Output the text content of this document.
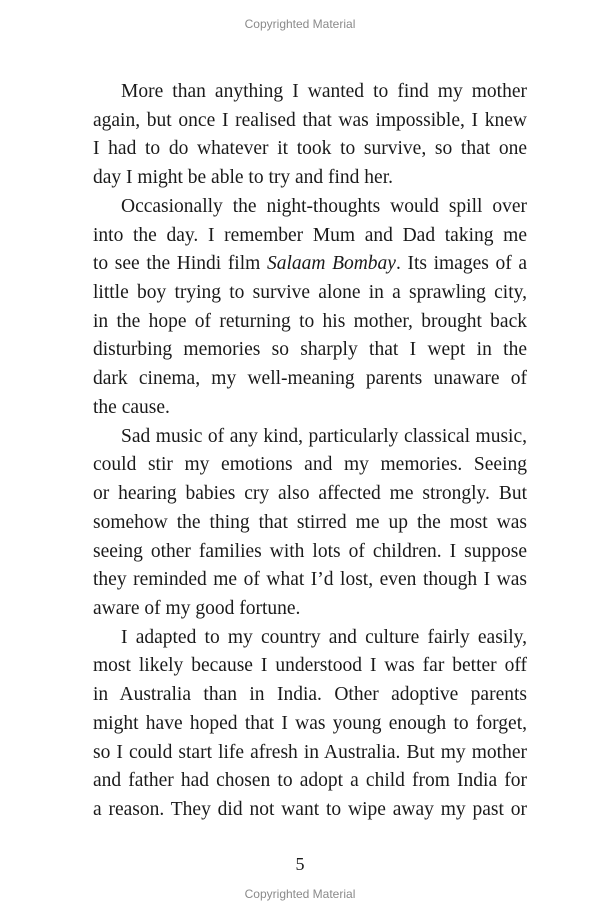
Copyrighted Material
More than anything I wanted to find my mother
again, but once I realised that was impossible, I knew
I had to do whatever it took to survive, so that one
day I might be able to try and find her.
Occasionally the night-thoughts would spill over
into the day. I remember Mum and Dad taking me
to see the Hindi film Salaam Bombay. Its images of a
little boy trying to survive alone in a sprawling city,
in the hope of returning to his mother, brought back
disturbing memories so sharply that I wept in the
dark cinema, my well-meaning parents unaware of
the cause.
Sad music of any kind, particularly classical music,
could stir my emotions and my memories. Seeing
or hearing babies cry also affected me strongly. But
somehow the thing that stirred me up the most was
seeing other families with lots of children. I suppose
they reminded me of what I’d lost, even though I was
aware of my good fortune.
I adapted to my country and culture fairly easily,
most likely because I understood I was far better off
in Australia than in India. Other adoptive parents
might have hoped that I was young enough to forget,
so I could start life afresh in Australia. But my mother
and father had chosen to adopt a child from India for
a reason. They did not want to wipe away my past or
5
Copyrighted Material
